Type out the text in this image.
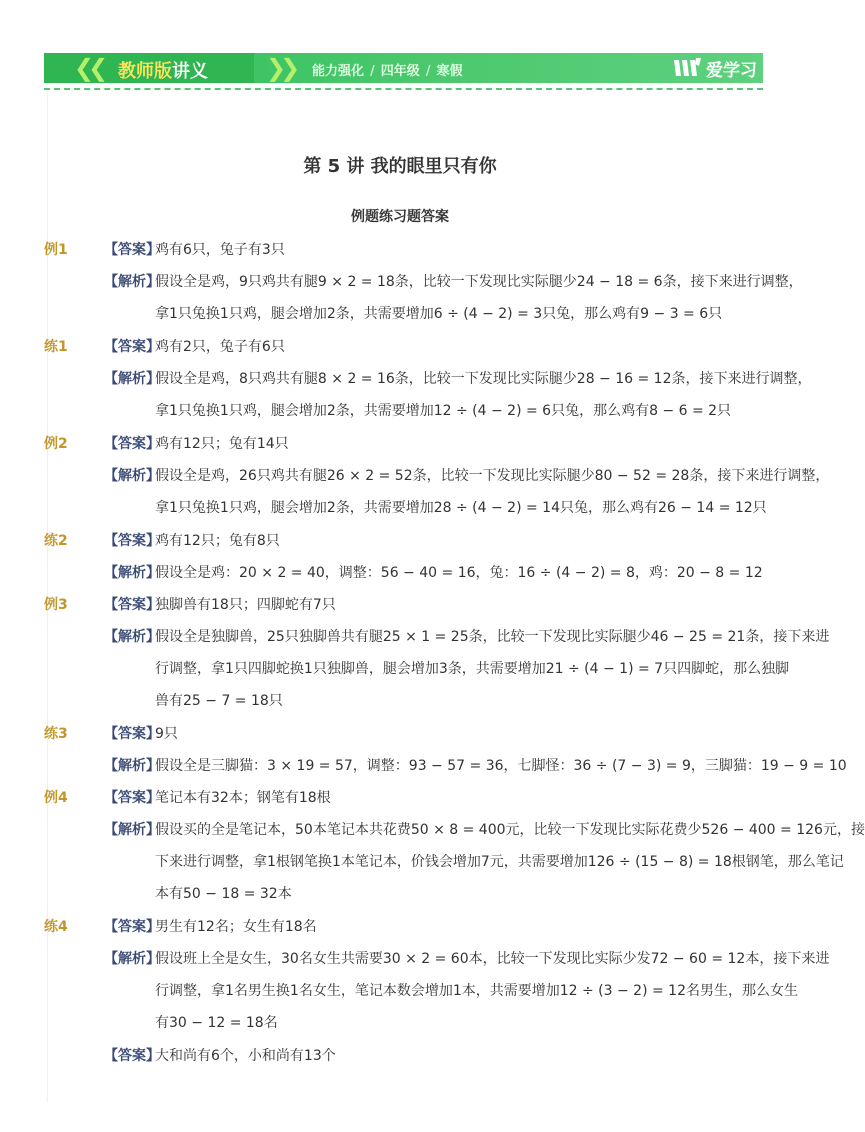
❮❮ 教师版讲义 ❯❯ 能力强化 / 四年级 / 寒假	爱学习
第 5 讲 我的眼里只有你
例题练习题答案
例1	【答案】
鸡有6只，兔子有3只
【解析】
假设全是鸡，9只鸡共有腿9 × 2 = 18条，比较一下发现比实际腿少24 − 18 = 6条，接下来进行调整，
拿1只兔换1只鸡，腿会增加2条，共需要增加6 ÷ (4 − 2) = 3只兔，那么鸡有9 − 3 = 6只
练1	【答案】
鸡有2只，兔子有6只
【解析】
假设全是鸡，8只鸡共有腿8 × 2 = 16条，比较一下发现比实际腿少28 − 16 = 12条，接下来进行调整，
拿1只兔换1只鸡，腿会增加2条，共需要增加12 ÷ (4 − 2) = 6只兔，那么鸡有8 − 6 = 2只
例2	【答案】
鸡有12只；兔有14只
【解析】
假设全是鸡，26只鸡共有腿26 × 2 = 52条，比较一下发现比实际腿少80 − 52 = 28条，接下来进行调整，
拿1只兔换1只鸡，腿会增加2条，共需要增加28 ÷ (4 − 2) = 14只兔，那么鸡有26 − 14 = 12只
练2	【答案】
鸡有12只；兔有8只
【解析】
假设全是鸡：20 × 2 = 40，调整：56 − 40 = 16，兔：16 ÷ (4 − 2) = 8，鸡：20 − 8 = 12
例3	【答案】
独脚兽有18只；四脚蛇有7只
【解析】
假设全是独脚兽，25只独脚兽共有腿25 × 1 = 25条，比较一下发现比实际腿少46 − 25 = 21条，接下来进
行调整，拿1只四脚蛇换1只独脚兽，腿会增加3条，共需要增加21 ÷ (4 − 1) = 7只四脚蛇，那么独脚
兽有25 − 7 = 18只
练3	【答案】
9只
【解析】
假设全是三脚猫：3 × 19 = 57，调整：93 − 57 = 36，七脚怪：36 ÷ (7 − 3) = 9，三脚猫：19 − 9 = 10
例4	【答案】
笔记本有32本；钢笔有18根
【解析】
假设买的全是笔记本，50本笔记本共花费50 × 8 = 400元，比较一下发现比实际花费少526 − 400 = 126元，接
下来进行调整，拿1根钢笔换1本笔记本，价钱会增加7元，共需要增加126 ÷ (15 − 8) = 18根钢笔，那么笔记
本有50 − 18 = 32本
练4	【答案】
男生有12名；女生有18名
【解析】
假设班上全是女生，30名女生共需要30 × 2 = 60本，比较一下发现比实际少发72 − 60 = 12本，接下来进
行调整，拿1名男生换1名女生，笔记本数会增加1本，共需要增加12 ÷ (3 − 2) = 12名男生，那么女生
有30 − 12 = 18名
【答案】
大和尚有6个，小和尚有13个
